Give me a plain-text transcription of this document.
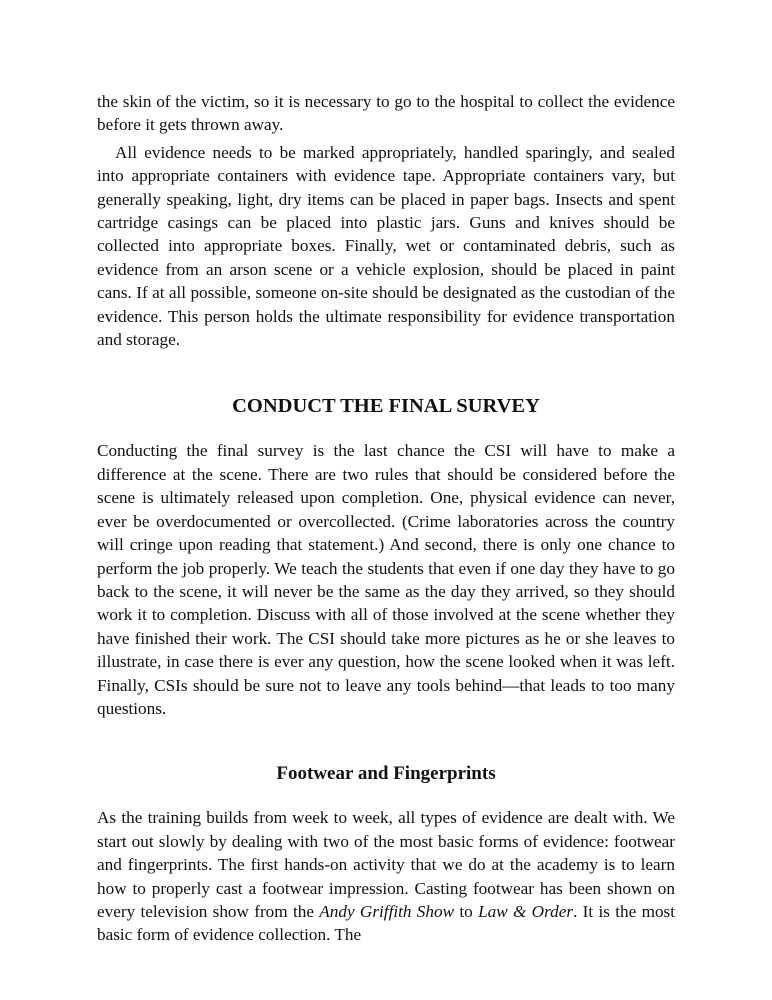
the skin of the victim, so it is necessary to go to the hospital to collect the evidence before it gets thrown away.

All evidence needs to be marked appropriately, handled sparingly, and sealed into appropriate containers with evidence tape. Appropriate containers vary, but generally speaking, light, dry items can be placed in paper bags. Insects and spent cartridge casings can be placed into plastic jars. Guns and knives should be collected into appropriate boxes. Finally, wet or contaminated debris, such as evidence from an arson scene or a vehicle explosion, should be placed in paint cans. If at all possible, someone on-site should be designated as the custodian of the evidence. This person holds the ultimate responsibility for evidence transportation and storage.

CONDUCT THE FINAL SURVEY

Conducting the final survey is the last chance the CSI will have to make a difference at the scene. There are two rules that should be considered before the scene is ultimately released upon completion. One, physical evidence can never, ever be overdocumented or overcollected. (Crime laboratories across the country will cringe upon reading that statement.) And second, there is only one chance to perform the job properly. We teach the students that even if one day they have to go back to the scene, it will never be the same as the day they arrived, so they should work it to completion. Discuss with all of those involved at the scene whether they have finished their work. The CSI should take more pictures as he or she leaves to illustrate, in case there is ever any question, how the scene looked when it was left. Finally, CSIs should be sure not to leave any tools behind—that leads to too many questions.

Footwear and Fingerprints

As the training builds from week to week, all types of evidence are dealt with. We start out slowly by dealing with two of the most basic forms of evidence: footwear and fingerprints. The first hands-on activity that we do at the academy is to learn how to properly cast a footwear impression. Casting footwear has been shown on every television show from the Andy Griffith Show to Law & Order. It is the most basic form of evidence collection. The
